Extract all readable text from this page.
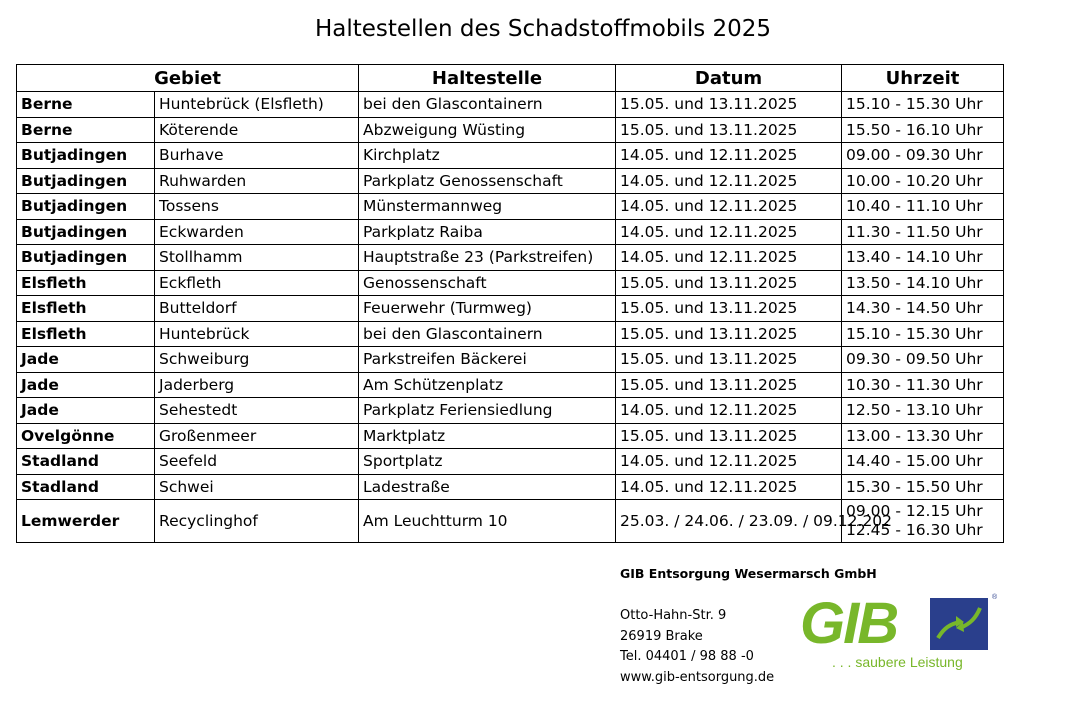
Haltestellen des Schadstoffmobils 2025
Gebiet		Haltestelle	Datum	Uhrzeit
Berne	Huntebrück (Elsfleth)	bei den Glascontainern	15.05. und 13.11.2025	15.10 - 15.30 Uhr
Berne	Köterende	Abzweigung Wüsting	15.05. und 13.11.2025	15.50 - 16.10 Uhr
Butjadingen	Burhave	Kirchplatz	14.05. und 12.11.2025	09.00 - 09.30 Uhr
Butjadingen	Ruhwarden	Parkplatz Genossenschaft	14.05. und 12.11.2025	10.00 - 10.20 Uhr
Butjadingen	Tossens	Münstermannweg	14.05. und 12.11.2025	10.40 - 11.10 Uhr
Butjadingen	Eckwarden	Parkplatz Raiba	14.05. und 12.11.2025	11.30 - 11.50 Uhr
Butjadingen	Stollhamm	Hauptstraße 23 (Parkstreifen)	14.05. und 12.11.2025	13.40 - 14.10 Uhr
Elsfleth	Eckfleth	Genossenschaft	15.05. und 13.11.2025	13.50 - 14.10 Uhr
Elsfleth	Butteldorf	Feuerwehr (Turmweg)	15.05. und 13.11.2025	14.30 - 14.50 Uhr
Elsfleth	Huntebrück	bei den Glascontainern	15.05. und 13.11.2025	15.10 - 15.30 Uhr
Jade	Schweiburg	Parkstreifen Bäckerei	15.05. und 13.11.2025	09.30 - 09.50 Uhr
Jade	Jaderberg	Am Schützenplatz	15.05. und 13.11.2025	10.30 - 11.30 Uhr
Jade	Sehestedt	Parkplatz Feriensiedlung	14.05. und 12.11.2025	12.50 - 13.10 Uhr
Ovelgönne	Großenmeer	Marktplatz	15.05. und 13.11.2025	13.00 - 13.30 Uhr
Stadland	Seefeld	Sportplatz	14.05. und 12.11.2025	14.40 - 15.00 Uhr
Stadland	Schwei	Ladestraße	14.05. und 12.11.2025	15.30 - 15.50 Uhr
Lemwerder	Recyclinghof	Am Leuchtturm 10	25.03. / 24.06. / 23.09. / 09.12.202	09.00 - 12.15 Uhr
12.45 - 16.30 Uhr
GIB Entsorgung Wesermarsch GmbH
Otto-Hahn-Str. 9
26919 Brake
Tel. 04401 / 98 88 -0
www.gib-entsorgung.de
GIB	®
. . . saubere Leistung
